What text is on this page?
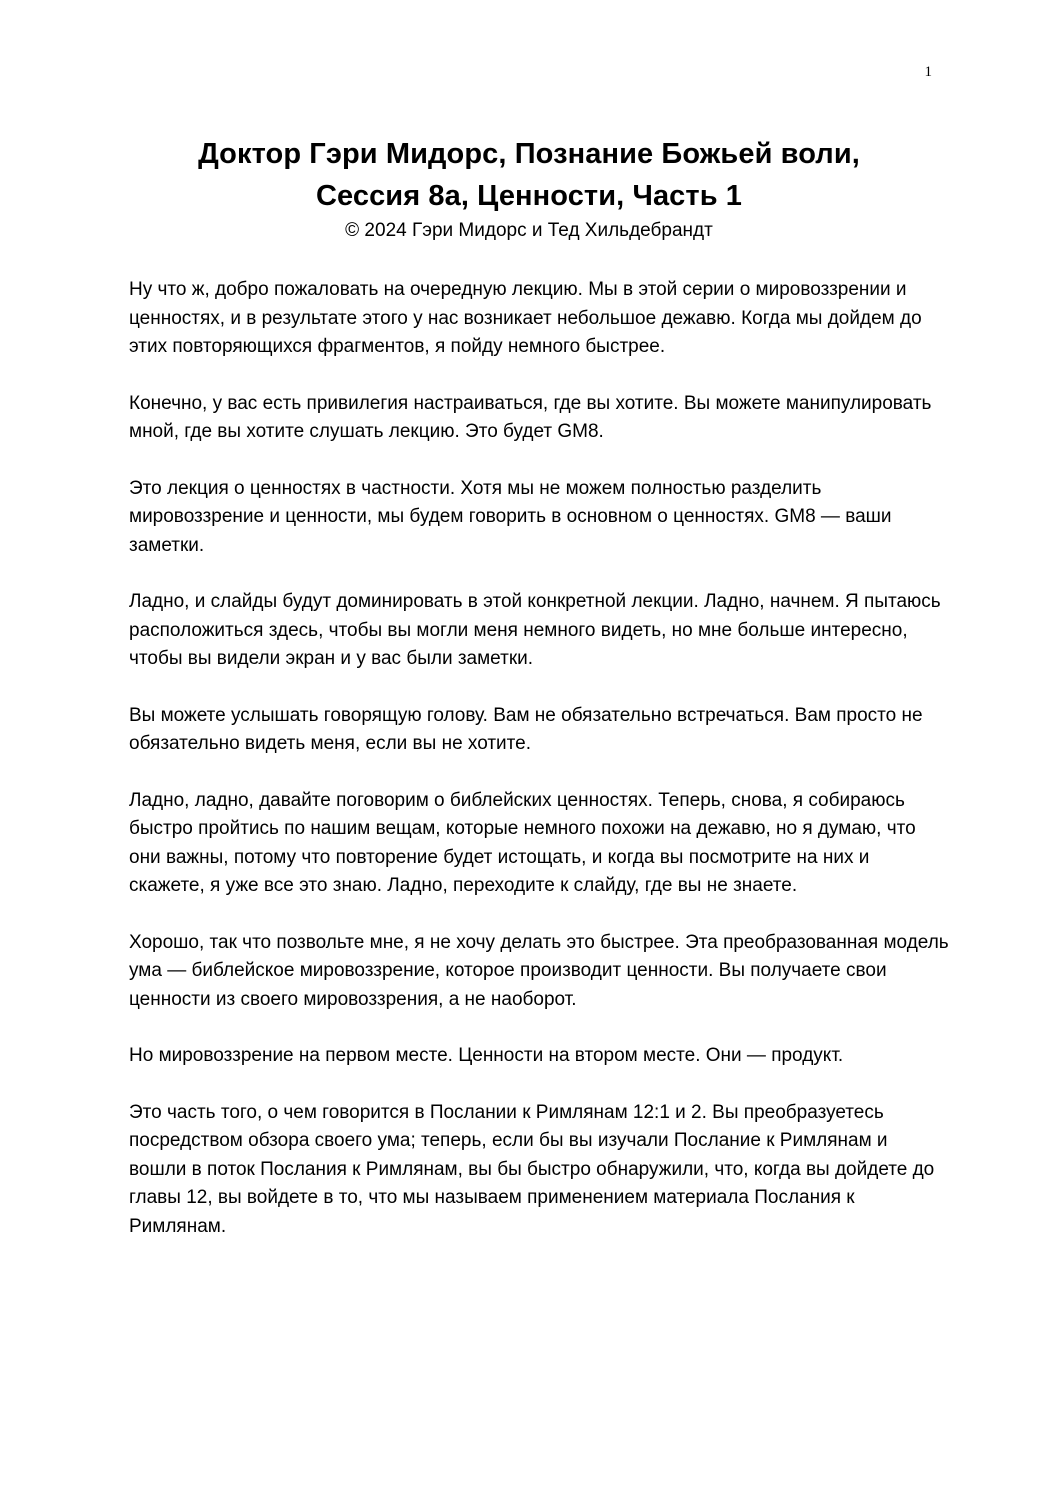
1
Доктор Гэри Мидорс, Познание Божьей воли,
Сессия 8а, Ценности, Часть 1

© 2024 Гэри Мидорс и Тед Хильдебрандт

Ну что ж, добро пожаловать на очередную лекцию. Мы в этой серии о мировоззрении и ценностях, и в результате этого у нас возникает небольшое дежавю. Когда мы дойдем до этих повторяющихся фрагментов, я пойду немного быстрее.

Конечно, у вас есть привилегия настраиваться, где вы хотите. Вы можете манипулировать мной, где вы хотите слушать лекцию. Это будет GM8.

Это лекция о ценностях в частности. Хотя мы не можем полностью разделить мировоззрение и ценности, мы будем говорить в основном о ценностях. GM8 — ваши заметки.

Ладно, и слайды будут доминировать в этой конкретной лекции. Ладно, начнем. Я пытаюсь расположиться здесь, чтобы вы могли меня немного видеть, но мне больше интересно, чтобы вы видели экран и у вас были заметки.

Вы можете услышать говорящую голову. Вам не обязательно встречаться. Вам просто не обязательно видеть меня, если вы не хотите.

Ладно, ладно, давайте поговорим о библейских ценностях. Теперь, снова, я собираюсь быстро пройтись по нашим вещам, которые немного похожи на дежавю, но я думаю, что они важны, потому что повторение будет истощать, и когда вы посмотрите на них и скажете, я уже все это знаю. Ладно, переходите к слайду, где вы не знаете.

Хорошо, так что позвольте мне, я не хочу делать это быстрее. Эта преобразованная модель ума — библейское мировоззрение, которое производит ценности. Вы получаете свои ценности из своего мировоззрения, а не наоборот.

Но мировоззрение на первом месте. Ценности на втором месте. Они — продукт.

Это часть того, о чем говорится в Послании к Римлянам 12:1 и 2. Вы преобразуетесь посредством обзора своего ума; теперь, если бы вы изучали Послание к Римлянам и вошли в поток Послания к Римлянам, вы бы быстро обнаружили, что, когда вы дойдете до главы 12, вы войдете в то, что мы называем применением материала Послания к Римлянам.
